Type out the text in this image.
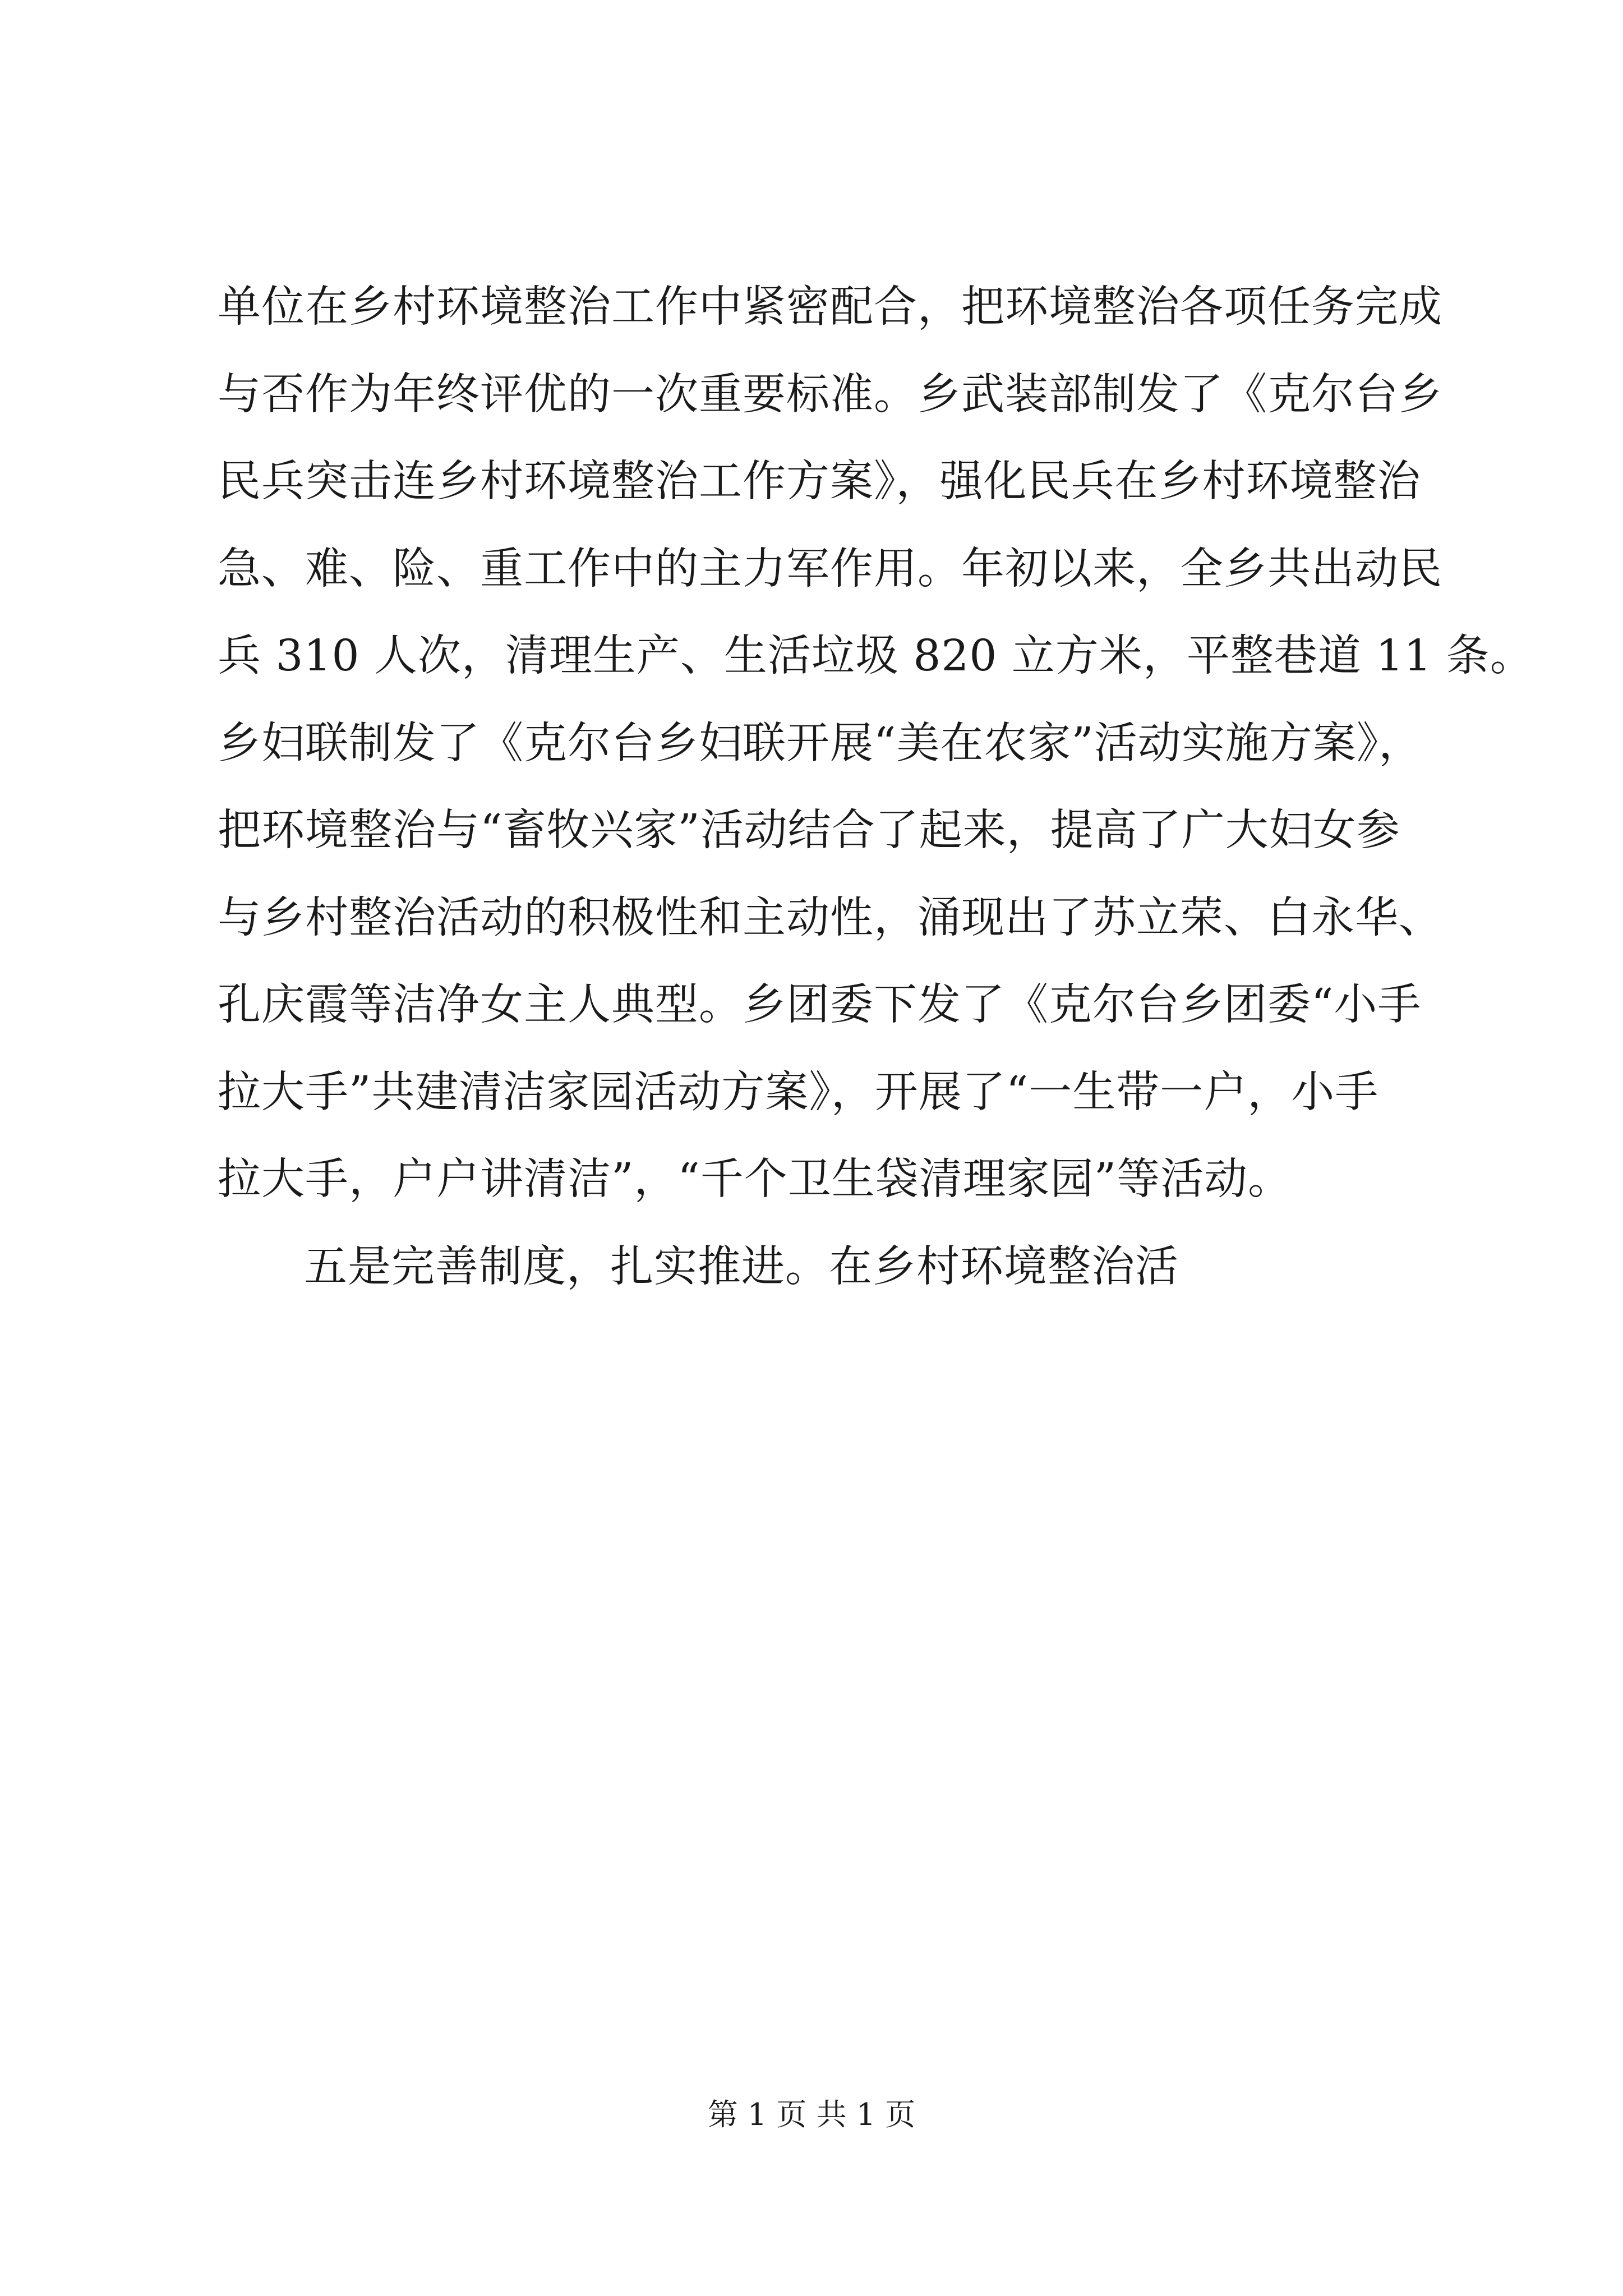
单位在乡村环境整治工作中紧密配合，把环境整治各项任务完成
与否作为年终评优的一次重要标准。乡武装部制发了《克尔台乡
民兵突击连乡村环境整治工作方案》，强化民兵在乡村环境整治
急、难、险、重工作中的主力军作用。年初以来，全乡共出动民
兵 310 人次，清理生产、生活垃圾 820 立方米，平整巷道 11 条。
乡妇联制发了《克尔台乡妇联开展“美在农家”活动实施方案》，
把环境整治与“畜牧兴家”活动结合了起来，提高了广大妇女参
与乡村整治活动的积极性和主动性，涌现出了苏立荣、白永华、
孔庆霞等洁净女主人典型。乡团委下发了《克尔台乡团委“小手
拉大手”共建清洁家园活动方案》，开展了“一生带一户，小手
拉大手，户户讲清洁”，“千个卫生袋清理家园”等活动。
五是完善制度，扎实推进。在乡村环境整治活
第 1 页 共 1 页
